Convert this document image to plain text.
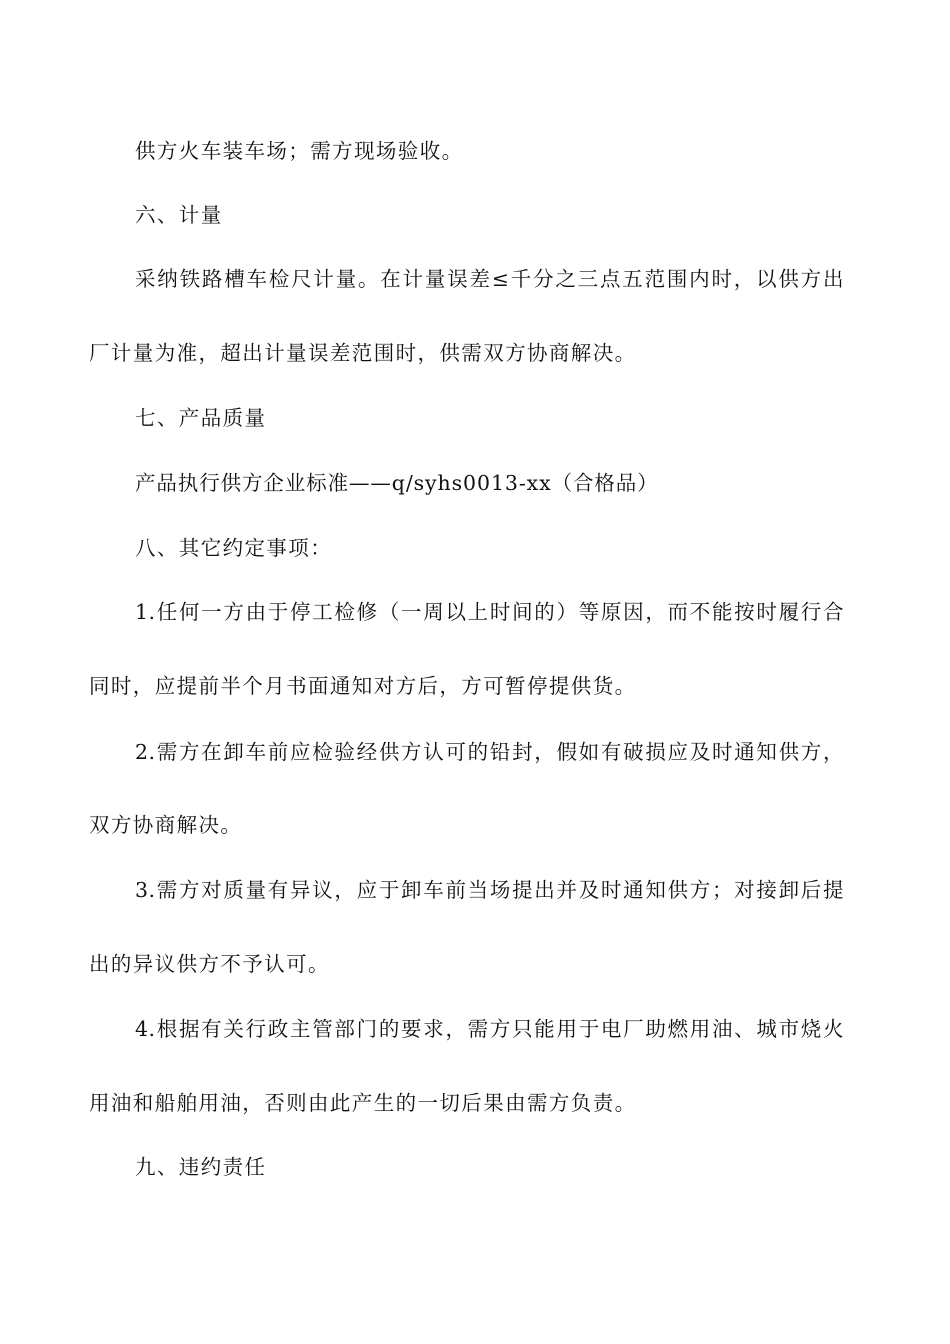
供方火车装车场；需方现场验收。

六、计量

采纳铁路槽车检尺计量。在计量误差≤千分之三点五范围内时，以供方出

厂计量为准，超出计量误差范围时，供需双方协商解决。

七、产品质量

产品执行供方企业标准——q/syhs0013-xx（合格品）

八、其它约定事项：

1.任何一方由于停工检修（一周以上时间的）等原因，而不能按时履行合

同时，应提前半个月书面通知对方后，方可暂停提供货。

2.需方在卸车前应检验经供方认可的铅封，假如有破损应及时通知供方，

双方协商解决。

3.需方对质量有异议，应于卸车前当场提出并及时通知供方；对接卸后提

出的异议供方不予认可。

4.根据有关行政主管部门的要求，需方只能用于电厂助燃用油、城市烧火

用油和船舶用油，否则由此产生的一切后果由需方负责。

九、违约责任
